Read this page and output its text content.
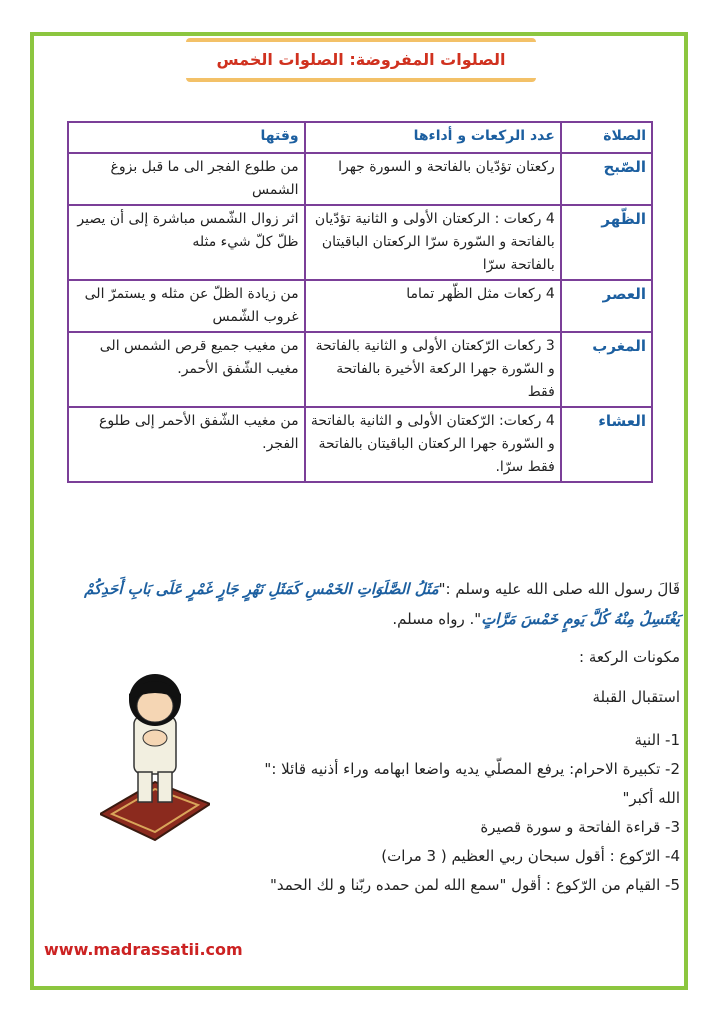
الصلوات المفروضة: الصلوات الخمس
الصلاة	عدد الركعات و أداءها	وقتها
الصّبح	ركعتان تؤدّيان بالفاتحة و السورة جهرا	من طلوع الفجر الى ما قبل بزوغ الشمس
الظّهر	4 ركعات : الركعتان الأولى و الثانية تؤدّيان بالفاتحة و السّورة سرّا الركعتان الباقيتان بالفاتحة سرّا	اثر زوال الشّمس مباشرة إلى أن يصير ظلّ كلّ شيء مثله
العصر	4 ركعات مثل الظّهر تماما	من زيادة الظلّ عن مثله و يستمرّ الى غروب الشّمس
المغرب	3 ركعات الرّكعتان الأولى و الثانية بالفاتحة و السّورة جهرا الركعة الأخيرة بالفاتحة فقط	من مغيب جميع قرص الشمس الى مغيب الشّفق الأحمر.
العشاء	4 ركعات: الرّكعتان الأولى و الثانية بالفاتحة و السّورة جهرا الركعتان الباقيتان بالفاتحة فقط سرّا.	من مغيب الشّفق الأحمر إلى طلوع الفجر.
قَالَ رسول الله صلى الله عليه وسلم :"مَثَلُ الصَّلَوَاتِ الخَمْسِ كَمَثَلِ نَهْرٍ جَارٍ غَمْرٍ عَلَى بَابِ أَحَدِكُمْ يَغْتَسِلُ مِنْهُ كُلَّ يَومٍ خَمْسَ مَرَّاتٍ". رواه مسلم.
مكونات الركعة :
استقبال القبلة
1- النية
2- تكبيرة الاحرام: يرفع المصلّي يديه واضعا ابهامه وراء أذنيه قائلا :" الله أكبر"
3- قراءة الفاتحة و سورة قصيرة
4- الرّكوع : أقول سبحان ربي العظيم ( 3 مرات)
5- القيام من الرّكوع : أقول "سمع الله لمن حمده ربّنا و لك الحمد"
www.madrassatii.com
